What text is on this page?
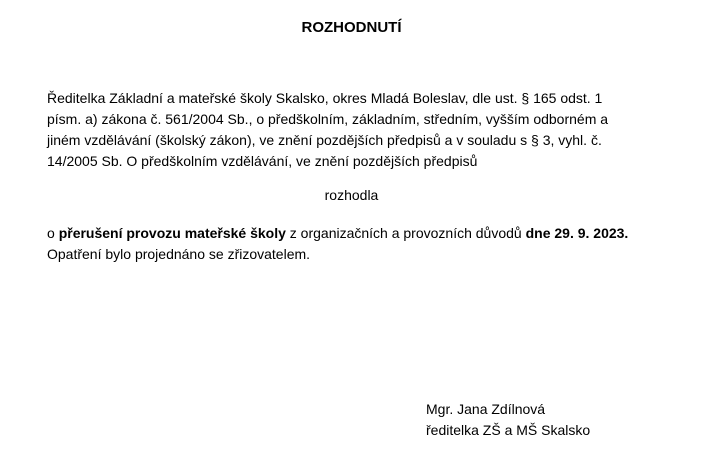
ROZHODNUTÍ
Ředitelka Základní a mateřské školy Skalsko, okres Mladá Boleslav, dle ust. § 165 odst. 1
písm. a) zákona č. 561/2004 Sb., o předškolním, základním, středním, vyšším odborném a
jiném vzdělávání (školský zákon), ve znění pozdějších předpisů a v souladu s § 3, vyhl. č.
14/2005 Sb. O předškolním vzdělávání, ve znění pozdějších předpisů
rozhodla
o přerušení provozu mateřské školy z organizačních a provozních důvodů dne 29. 9. 2023.
Opatření bylo projednáno se zřizovatelem.
Mgr. Jana Zdílnová
ředitelka ZŠ a MŠ Skalsko
